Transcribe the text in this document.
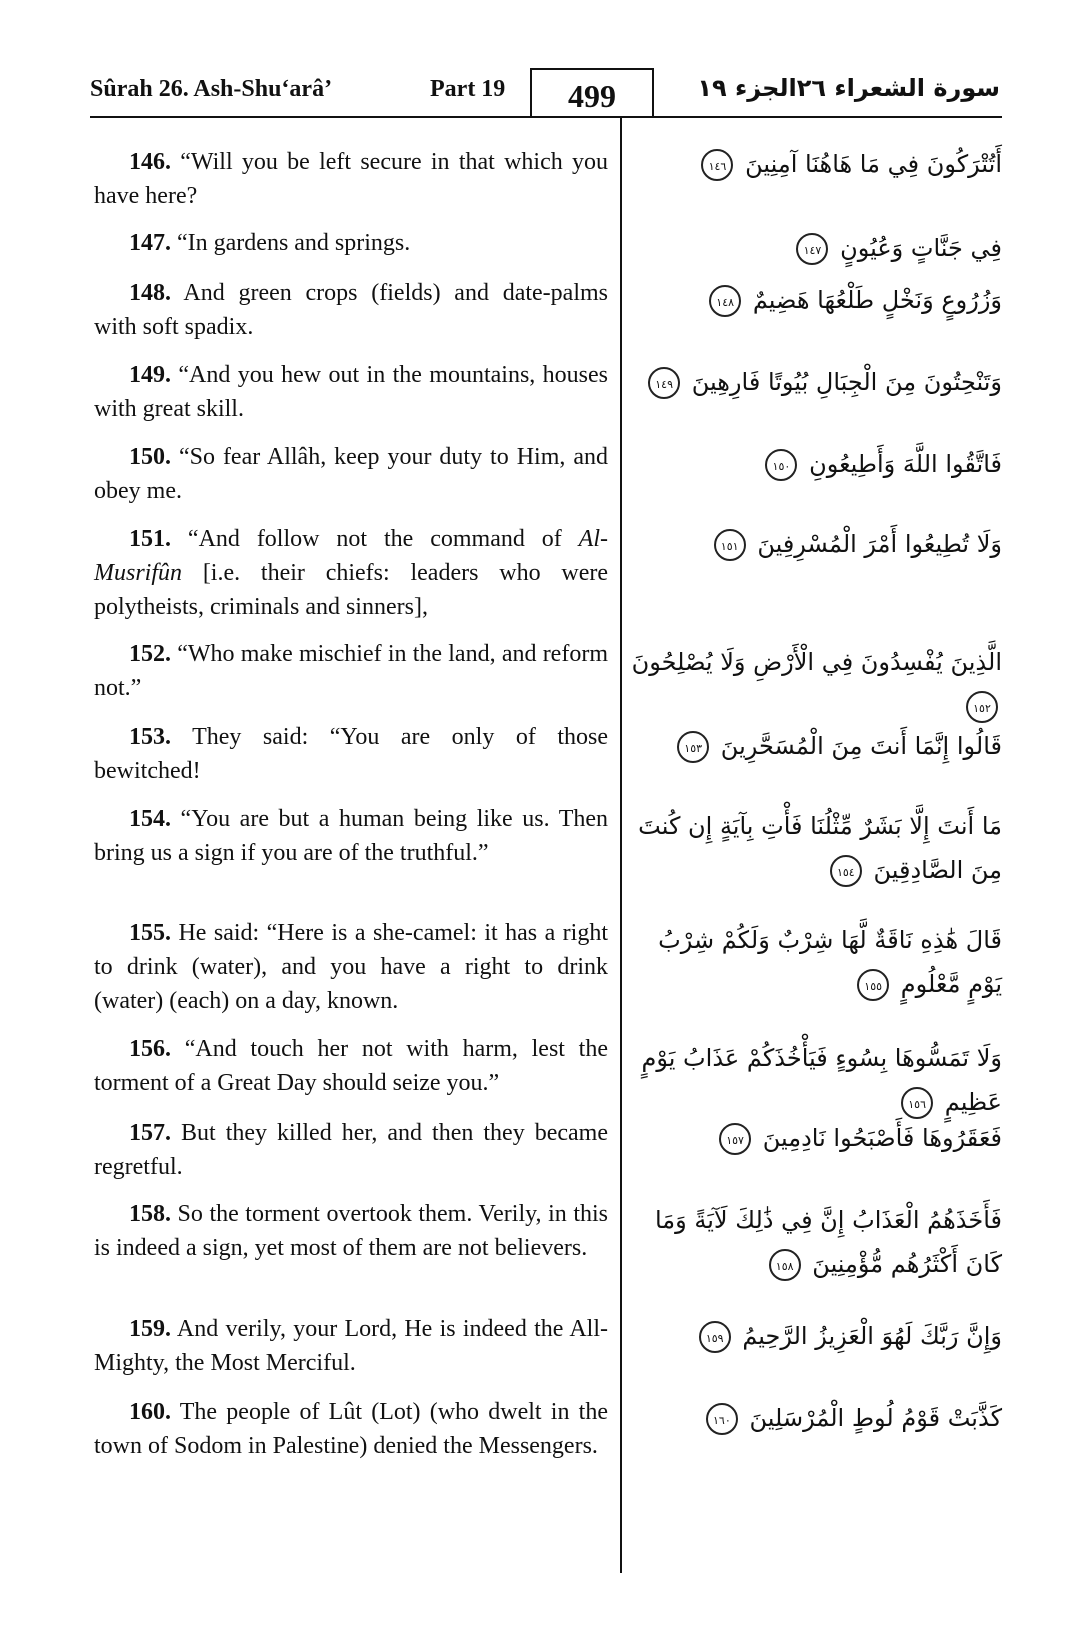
Sûrah 26. Ash-Shu‘arâ’	Part 19	499	سورة الشعراء ٢٦الجزء ١٩
146. “Will you be left secure in that which you have here?
147. “In gardens and springs.
148. And green crops (fields) and date-palms with soft spadix.
149. “And you hew out in the mountains, houses with great skill.
150. “So fear Allâh, keep your duty to Him, and obey me.
151. “And follow not the command of Al-Musrifûn [i.e. their chiefs: leaders who were polytheists, criminals and sinners],
152. “Who make mischief in the land, and reform not.”
153. They said: “You are only of those bewitched!
154. “You are but a human being like us. Then bring us a sign if you are of the truthful.”
155. He said: “Here is a she-camel: it has a right to drink (water), and you have a right to drink (water) (each) on a day, known.
156. “And touch her not with harm, lest the torment of a Great Day should seize you.”
157. But they killed her, and then they became regretful.
158. So the torment overtook them. Verily, in this is indeed a sign, yet most of them are not believers.
159. And verily, your Lord, He is indeed the All-Mighty, the Most Merciful.
160. The people of Lût (Lot) (who dwelt in the town of Sodom in Palestine) denied the Messengers.
أَتُتْرَكُونَ فِي مَا هَاهُنَا آمِنِينَ ١٤٦
فِي جَنَّاتٍ وَعُيُونٍ ١٤٧
وَزُرُوعٍ وَنَخْلٍ طَلْعُهَا هَضِيمٌ ١٤٨
وَتَنْحِتُونَ مِنَ الْجِبَالِ بُيُوتًا فَارِهِينَ ١٤٩
فَاتَّقُوا اللَّهَ وَأَطِيعُونِ ١٥٠
وَلَا تُطِيعُوا أَمْرَ الْمُسْرِفِينَ ١٥١
الَّذِينَ يُفْسِدُونَ فِي الْأَرْضِ وَلَا يُصْلِحُونَ ١٥٢
قَالُوا إِنَّمَا أَنتَ مِنَ الْمُسَحَّرِينَ ١٥٣
مَا أَنتَ إِلَّا بَشَرٌ مِّثْلُنَا فَأْتِ بِآيَةٍ إِن كُنتَ مِنَ الصَّادِقِينَ ١٥٤
قَالَ هَٰذِهِ نَاقَةٌ لَّهَا شِرْبٌ وَلَكُمْ شِرْبُ يَوْمٍ مَّعْلُومٍ ١٥٥
وَلَا تَمَسُّوهَا بِسُوءٍ فَيَأْخُذَكُمْ عَذَابُ يَوْمٍ عَظِيمٍ ١٥٦
فَعَقَرُوهَا فَأَصْبَحُوا نَادِمِينَ ١٥٧
فَأَخَذَهُمُ الْعَذَابُ إِنَّ فِي ذَٰلِكَ لَآيَةً وَمَا كَانَ أَكْثَرُهُم مُّؤْمِنِينَ ١٥٨
وَإِنَّ رَبَّكَ لَهُوَ الْعَزِيزُ الرَّحِيمُ ١٥٩
كَذَّبَتْ قَوْمُ لُوطٍ الْمُرْسَلِينَ ١٦٠
